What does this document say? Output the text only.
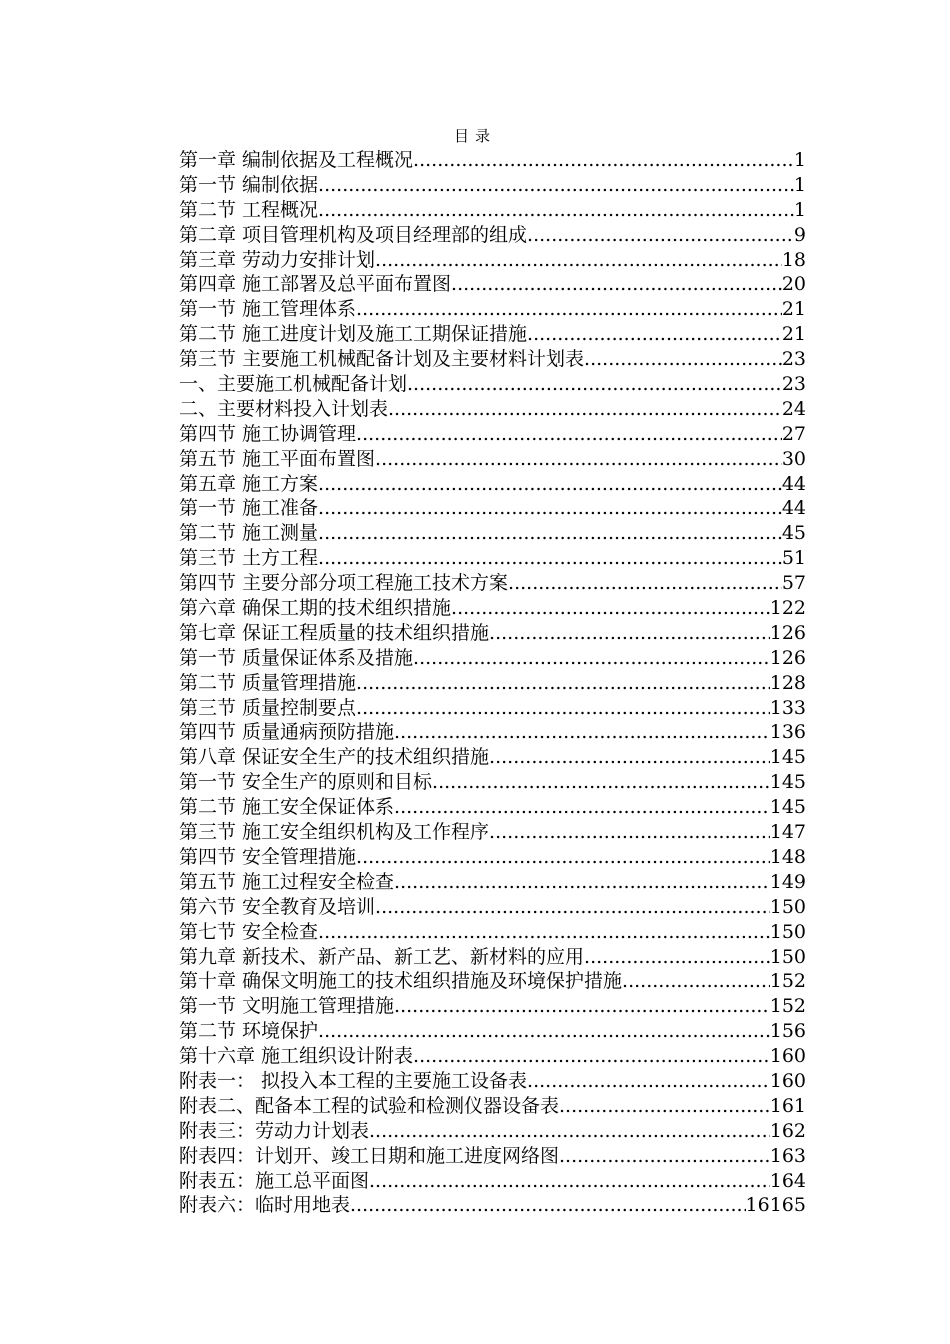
目录
第一章 编制依据及工程概况 .....	1
第一节 编制依据 .....	1
第二节 工程概况 .....	1
第二章 项目管理机构及项目经理部的组成 .....	9
第三章 劳动力安排计划 .....	18
第四章 施工部署及总平面布置图 .....	20
第一节 施工管理体系 .....	21
第二节 施工进度计划及施工工期保证措施 .....	21
第三节 主要施工机械配备计划及主要材料计划表 .....	23
一、主要施工机械配备计划 .....	23
二、主要材料投入计划表 .....	24
第四节 施工协调管理 .....	27
第五节 施工平面布置图 .....	30
第五章 施工方案 .....	44
第一节 施工准备 .....	44
第二节 施工测量 .....	45
第三节 土方工程 .....	51
第四节 主要分部分项工程施工技术方案 .....	57
第六章 确保工期的技术组织措施 .....	122
第七章 保证工程质量的技术组织措施 .....	126
第一节 质量保证体系及措施 .....	126
第二节 质量管理措施 .....	128
第三节 质量控制要点 .....	133
第四节 质量通病预防措施 .....	136
第八章 保证安全生产的技术组织措施 .....	145
第一节 安全生产的原则和目标 .....	145
第二节 施工安全保证体系 .....	145
第三节 施工安全组织机构及工作程序 .....	147
第四节 安全管理措施 .....	148
第五节 施工过程安全检查 .....	149
第六节 安全教育及培训 .....	150
第七节 安全检查 .....	150
第九章 新技术、新产品、新工艺、新材料的应用 .....	150
第十章 确保文明施工的技术组织措施及环境保护措施 .....	152
第一节 文明施工管理措施 .....	152
第二节 环境保护 .....	156
第十六章 施工组织设计附表 .....	160
附表一： 拟投入本工程的主要施工设备表 .....	160
附表二、配备本工程的试验和检测仪器设备表 .....	161
附表三：劳动力计划表 .....	162
附表四：计划开、竣工日期和施工进度网络图 .....	163
附表五：施工总平面图 .....	164
附表六：临时用地表 .....	16165
